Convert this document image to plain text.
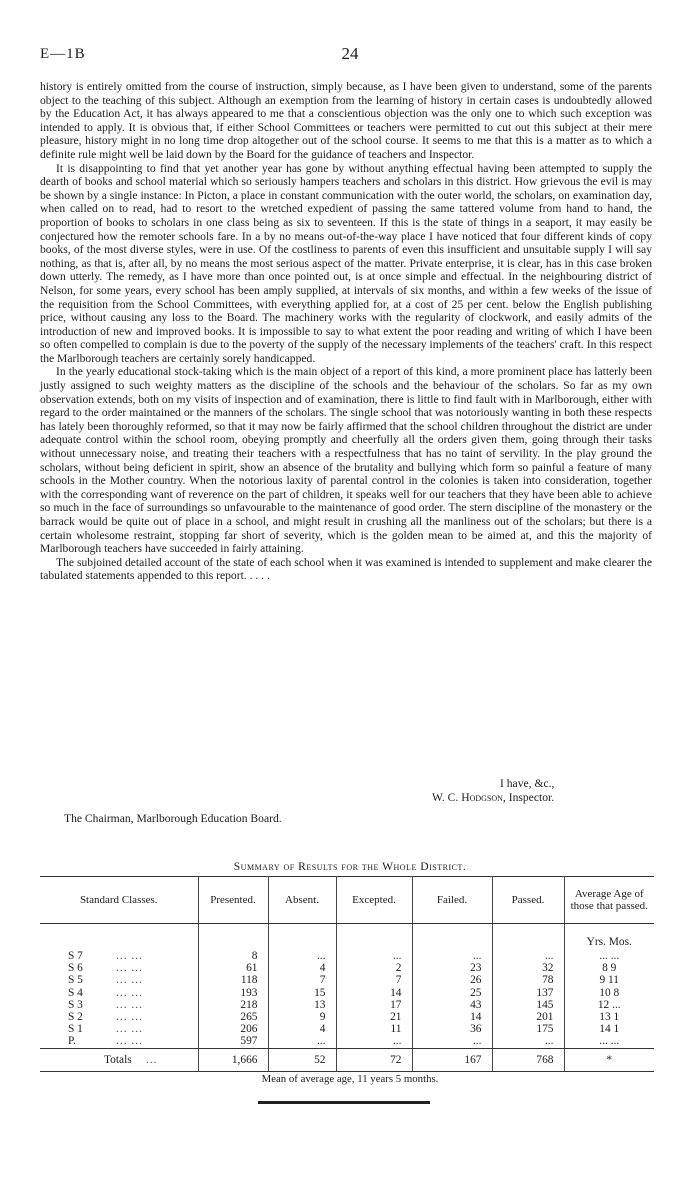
E—1B	24

history is entirely omitted from the course of instruction, simply because, as I have been given to understand, some of the parents object to the teaching of this subject. Although an exemption from the learning of history in certain cases is undoubtedly allowed by the Education Act, it has always appeared to me that a conscientious objection was the only one to which such exception was intended to apply. It is obvious that, if either School Committees or teachers were permitted to cut out this subject at their mere pleasure, history might in no long time drop altogether out of the school course. It seems to me that this is a matter as to which a definite rule might well be laid down by the Board for the guidance of teachers and Inspector.

It is disappointing to find that yet another year has gone by without anything effectual having been attempted to supply the dearth of books and school material which so seriously hampers teachers and scholars in this district. How grievous the evil is may be shown by a single instance: In Picton, a place in constant communication with the outer world, the scholars, on examination day, when called on to read, had to resort to the wretched expedient of passing the same tattered volume from hand to hand, the proportion of books to scholars in one class being as six to seventeen. If this is the state of things in a seaport, it may easily be conjectured how the remoter schools fare. In a by no means out-of-the-way place I have noticed that four different kinds of copy books, of the most diverse styles, were in use. Of the costliness to parents of even this insufficient and unsuitable supply I will say nothing, as that is, after all, by no means the most serious aspect of the matter. Private enterprise, it is clear, has in this case broken down utterly. The remedy, as I have more than once pointed out, is at once simple and effectual. In the neighbouring district of Nelson, for some years, every school has been amply supplied, at intervals of six months, and within a few weeks of the issue of the requisition from the School Committees, with everything applied for, at a cost of 25 per cent. below the English publishing price, without causing any loss to the Board. The machinery works with the regularity of clockwork, and easily admits of the introduction of new and improved books. It is impossible to say to what extent the poor reading and writing of which I have been so often compelled to complain is due to the poverty of the supply of the necessary implements of the teachers' craft. In this respect the Marlborough teachers are certainly sorely handicapped.

In the yearly educational stock-taking which is the main object of a report of this kind, a more prominent place has latterly been justly assigned to such weighty matters as the discipline of the schools and the behaviour of the scholars. So far as my own observation extends, both on my visits of inspection and of examination, there is little to find fault with in Marlborough, either with regard to the order maintained or the manners of the scholars. The single school that was notoriously wanting in both these respects has lately been thoroughly reformed, so that it may now be fairly affirmed that the school children throughout the district are under adequate control within the school room, obeying promptly and cheerfully all the orders given them, going through their tasks without unnecessary noise, and treating their teachers with a respectfulness that has no taint of servility. In the play ground the scholars, without being deficient in spirit, show an absence of the brutality and bullying which form so painful a feature of many schools in the Mother country. When the notorious laxity of parental control in the colonies is taken into consideration, together with the corresponding want of reverence on the part of children, it speaks well for our teachers that they have been able to achieve so much in the face of surroundings so unfavourable to the maintenance of good order. The stern discipline of the monastery or the barrack would be quite out of place in a school, and might result in crushing all the manliness out of the scholars; but there is a certain wholesome restraint, stopping far short of severity, which is the golden mean to be aimed at, and this the majority of Marlborough teachers have succeeded in fairly attaining.

The subjoined detailed account of the state of each school when it was examined is intended to supplement and make clearer the tabulated statements appended to this report. . . . .

I have, &c.,
W. C. Hodgson, Inspector.
The Chairman, Marlborough Education Board.
Summary of Results for the Whole District.
Standard Classes.	Presented.	Absent.	Excepted.	Failed.	Passed.	Average Age of those that passed.
						Yrs. Mos.
S 7 ... ...	8	...	...	...	...	... ...
S 6 ... ...	61	4	2	23	32	8 9
S 5 ... ...	118	7	7	26	78	9 11
S 4 ... ...	193	15	14	25	137	10 8
S 3 ... ...	218	13	17	43	145	12 ...
S 2 ... ...	265	9	21	14	201	13 1
S 1 ... ...	206	4	11	36	175	14 1
P. ... ...	597	...	...	...	...	... ...
Totals ...	1,666	52	72	167	768	*
Mean of average age, 11 years 5 months.
